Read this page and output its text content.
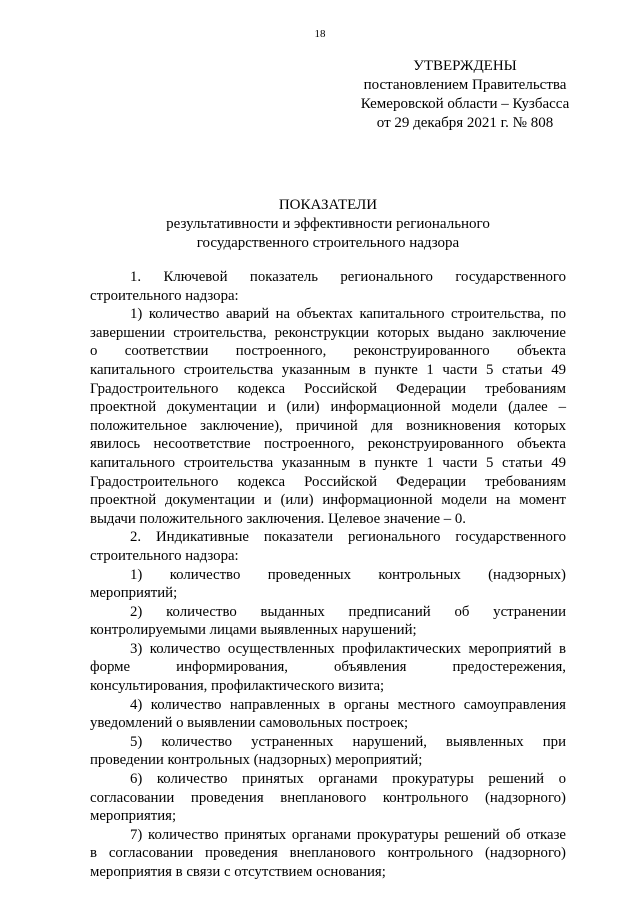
18
УТВЕРЖДЕНЫ
постановлением Правительства
Кемеровской области – Кузбасса
от 29 декабря 2021 г. № 808
ПОКАЗАТЕЛИ
результативности и эффективности регионального
государственного строительного надзора
1. Ключевой показатель регионального государственного
строительного надзора:
1) количество аварий на объектах капитального строительства, по
завершении строительства, реконструкции которых выдано заключение
о соответствии построенного, реконструированного объекта
капитального строительства указанным в пункте 1 части 5 статьи 49
Градостроительного кодекса Российской Федерации требованиям
проектной документации и (или) информационной модели (далее –
положительное заключение), причиной для возникновения которых
явилось несоответствие построенного, реконструированного объекта
капитального строительства указанным в пункте 1 части 5 статьи 49
Градостроительного кодекса Российской Федерации требованиям
проектной документации и (или) информационной модели на момент
выдачи положительного заключения. Целевое значение – 0.
2. Индикативные показатели регионального государственного
строительного надзора:
1) количество проведенных контрольных (надзорных)
мероприятий;
2) количество выданных предписаний об устранении
контролируемыми лицами выявленных нарушений;
3) количество осуществленных профилактических мероприятий в
форме информирования, объявления предостережения,
консультирования, профилактического визита;
4) количество направленных в органы местного самоуправления
уведомлений о выявлении самовольных построек;
5) количество устраненных нарушений, выявленных при
проведении контрольных (надзорных) мероприятий;
6) количество принятых органами прокуратуры решений о
согласовании проведения внепланового контрольного (надзорного)
мероприятия;
7) количество принятых органами прокуратуры решений об отказе
в согласовании проведения внепланового контрольного (надзорного)
мероприятия в связи с отсутствием основания;
